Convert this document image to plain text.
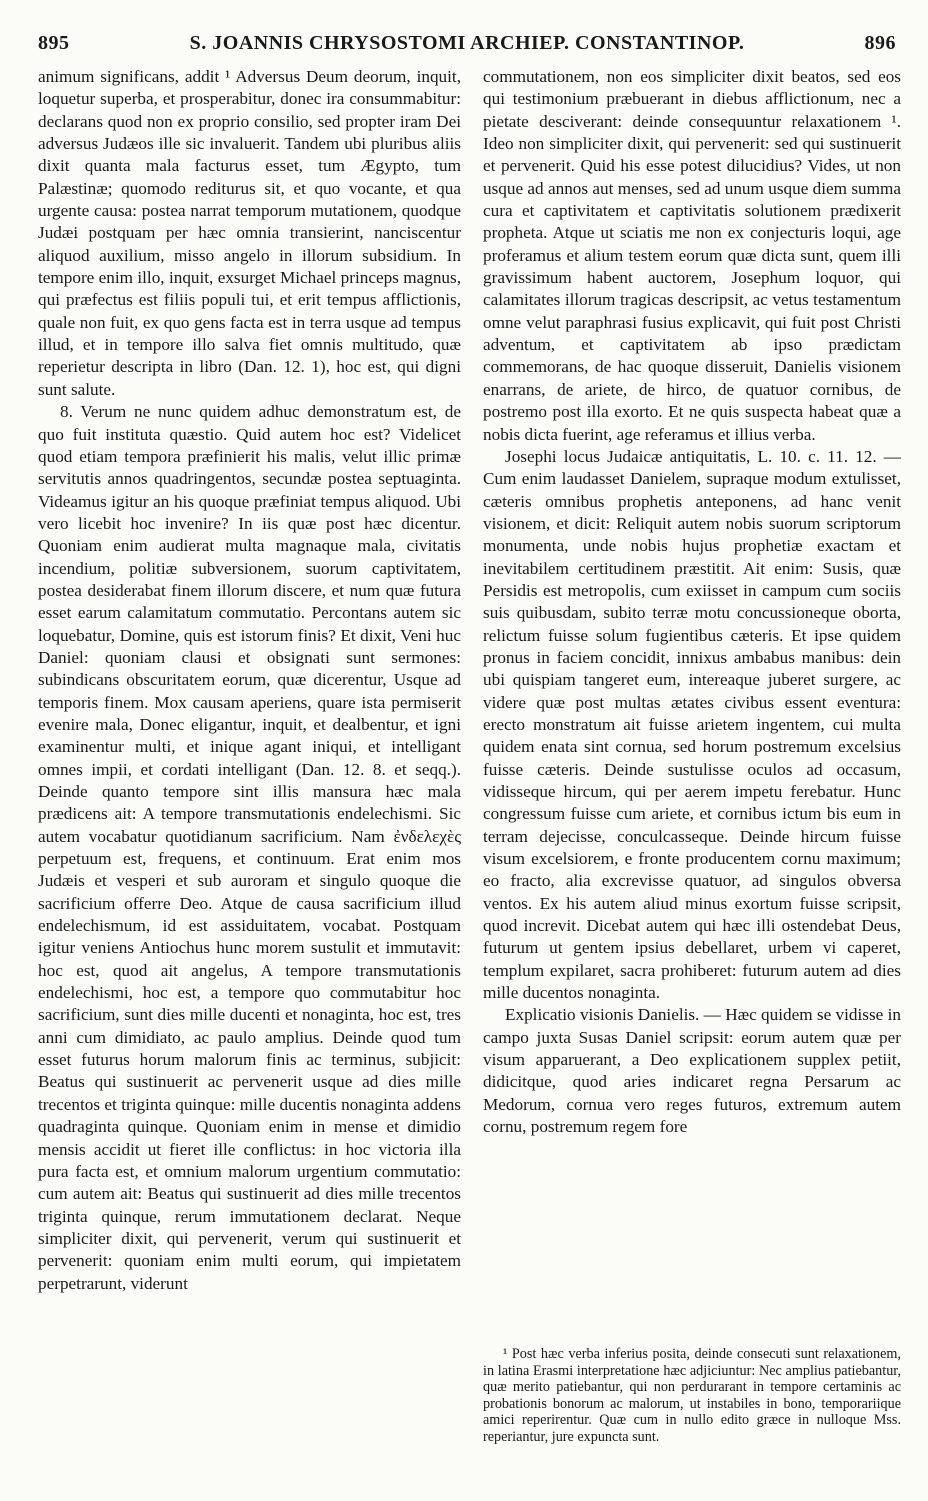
895	S. JOANNIS CHRYSOSTOMI ARCHIEP. CONSTANTINOP.	896

animum significans, addit ¹ Adversus Deum deorum, inquit, loquetur superba, et prosperabitur, donec ira consummabitur: declarans quod non ex proprio consilio, sed propter iram Dei adversus Judæos ille sic invaluerit. Tandem ubi pluribus aliis dixit quanta mala facturus esset, tum Ægypto, tum Palæstinæ; quomodo rediturus sit, et quo vocante, et qua urgente causa: postea narrat temporum mutationem, quodque Judæi postquam per hæc omnia transierint, nanciscentur aliquod auxilium, misso angelo in illorum subsidium. In tempore enim illo, inquit, exsurget Michael princeps magnus, qui præfectus est filiis populi tui, et erit tempus afflictionis, quale non fuit, ex quo gens facta est in terra usque ad tempus illud, et in tempore illo salva fiet omnis multitudo, quæ reperietur descripta in libro (Dan. 12. 1), hoc est, qui digni sunt salute.

8. Verum ne nunc quidem adhuc demonstratum est, de quo fuit instituta quæstio. Quid autem hoc est? Videlicet quod etiam tempora præfinierit his malis, velut illic primæ servitutis annos quadringentos, secundæ postea septuaginta. Videamus igitur an his quoque præfiniat tempus aliquod. Ubi vero licebit hoc invenire? In iis quæ post hæc dicentur. Quoniam enim audierat multa magnaque mala, civitatis incendium, politiæ subversionem, suorum captivitatem, postea desiderabat finem illorum discere, et num quæ futura esset earum calamitatum commutatio. Percontans autem sic loquebatur, Domine, quis est istorum finis? Et dixit, Veni huc Daniel: quoniam clausi et obsignati sunt sermones: subindicans obscuritatem eorum, quæ dicerentur, Usque ad temporis finem. Mox causam aperiens, quare ista permiserit evenire mala, Donec eligantur, inquit, et dealbentur, et igni examinentur multi, et inique agant iniqui, et intelligant omnes impii, et cordati intelligant (Dan. 12. 8. et seqq.). Deinde quanto tempore sint illis mansura hæc mala prædicens ait: A tempore transmutationis endelechismi. Sic autem vocabatur quotidianum sacrificium. Nam ἐνδελεχὲς perpetuum est, frequens, et continuum. Erat enim mos Judæis et vesperi et sub auroram et singulo quoque die sacrificium offerre Deo. Atque de causa sacrificium illud endelechismum, id est assiduitatem, vocabat. Postquam igitur veniens Antiochus hunc morem sustulit et immutavit: hoc est, quod ait angelus, A tempore transmutationis endelechismi, hoc est, a tempore quo commutabitur hoc sacrificium, sunt dies mille ducenti et nonaginta, hoc est, tres anni cum dimidiato, ac paulo amplius. Deinde quod tum esset futurus horum malorum finis ac terminus, subjicit: Beatus qui sustinuerit ac pervenerit usque ad dies mille trecentos et triginta quinque: mille ducentis nonaginta addens quadraginta quinque. Quoniam enim in mense et dimidio mensis accidit ut fieret ille conflictus: in hoc victoria illa pura facta est, et omnium malorum urgentium commutatio: cum autem ait: Beatus qui sustinuerit ad dies mille trecentos triginta quinque, rerum immutationem declarat. Neque simpliciter dixit, qui pervenerit, verum qui sustinuerit et pervenerit: quoniam enim multi eorum, qui impietatem perpetrarunt, viderunt

commutationem, non eos simpliciter dixit beatos, sed eos qui testimonium præbuerant in diebus afflictionum, nec a pietate desciverant: deinde consequuntur relaxationem ¹. Ideo non simpliciter dixit, qui pervenerit: sed qui sustinuerit et pervenerit. Quid his esse potest dilucidius? Vides, ut non usque ad annos aut menses, sed ad unum usque diem summa cura et captivitatem et captivitatis solutionem prædixerit propheta. Atque ut sciatis me non ex conjecturis loqui, age proferamus et alium testem eorum quæ dicta sunt, quem illi gravissimum habent auctorem, Josephum loquor, qui calamitates illorum tragicas descripsit, ac vetus testamentum omne velut paraphrasi fusius explicavit, qui fuit post Christi adventum, et captivitatem ab ipso prædictam commemorans, de hac quoque disseruit, Danielis visionem enarrans, de ariete, de hirco, de quatuor cornibus, de postremo post illa exorto. Et ne quis suspecta habeat quæ a nobis dicta fuerint, age referamus et illius verba.

Josephi locus Judaicæ antiquitatis, L. 10. c. 11. 12. — Cum enim laudasset Danielem, supraque modum extulisset, cæteris omnibus prophetis anteponens, ad hanc venit visionem, et dicit: Reliquit autem nobis suorum scriptorum monumenta, unde nobis hujus prophetiæ exactam et inevitabilem certitudinem præstitit. Ait enim: Susis, quæ Persidis est metropolis, cum exiisset in campum cum sociis suis quibusdam, subito terræ motu concussioneque oborta, relictum fuisse solum fugientibus cæteris. Et ipse quidem pronus in faciem concidit, innixus ambabus manibus: dein ubi quispiam tangeret eum, intereaque juberet surgere, ac videre quæ post multas ætates civibus essent eventura: erecto monstratum ait fuisse arietem ingentem, cui multa quidem enata sint cornua, sed horum postremum excelsius fuisse cæteris. Deinde sustulisse oculos ad occasum, vidisseque hircum, qui per aerem impetu ferebatur. Hunc congressum fuisse cum ariete, et cornibus ictum bis eum in terram dejecisse, conculcasseque. Deinde hircum fuisse visum excelsiorem, e fronte producentem cornu maximum; eo fracto, alia excrevisse quatuor, ad singulos obversa ventos. Ex his autem aliud minus exortum fuisse scripsit, quod increvit. Dicebat autem qui hæc illi ostendebat Deus, futurum ut gentem ipsius debellaret, urbem vi caperet, templum expilaret, sacra prohiberet: futurum autem ad dies mille ducentos nonaginta.

Explicatio visionis Danielis. — Hæc quidem se vidisse in campo juxta Susas Daniel scripsit: eorum autem quæ per visum apparuerant, a Deo explicationem supplex petiit, didicitque, quod aries indicaret regna Persarum ac Medorum, cornua vero reges futuros, extremum autem cornu, postremum regem fore

¹ Post hæc verba inferius posita, deinde consecuti sunt relaxationem, in latina Erasmi interpretatione hæc adjiciuntur: Nec amplius patiebantur, quæ merito patiebantur, qui non perdurarant in tempore certaminis ac probationis bonorum ac malorum, ut instabiles in bono, temporariique amici reperirentur. Quæ cum in nullo edito græce in nulloque Mss. reperiantur, jure expuncta sunt.
